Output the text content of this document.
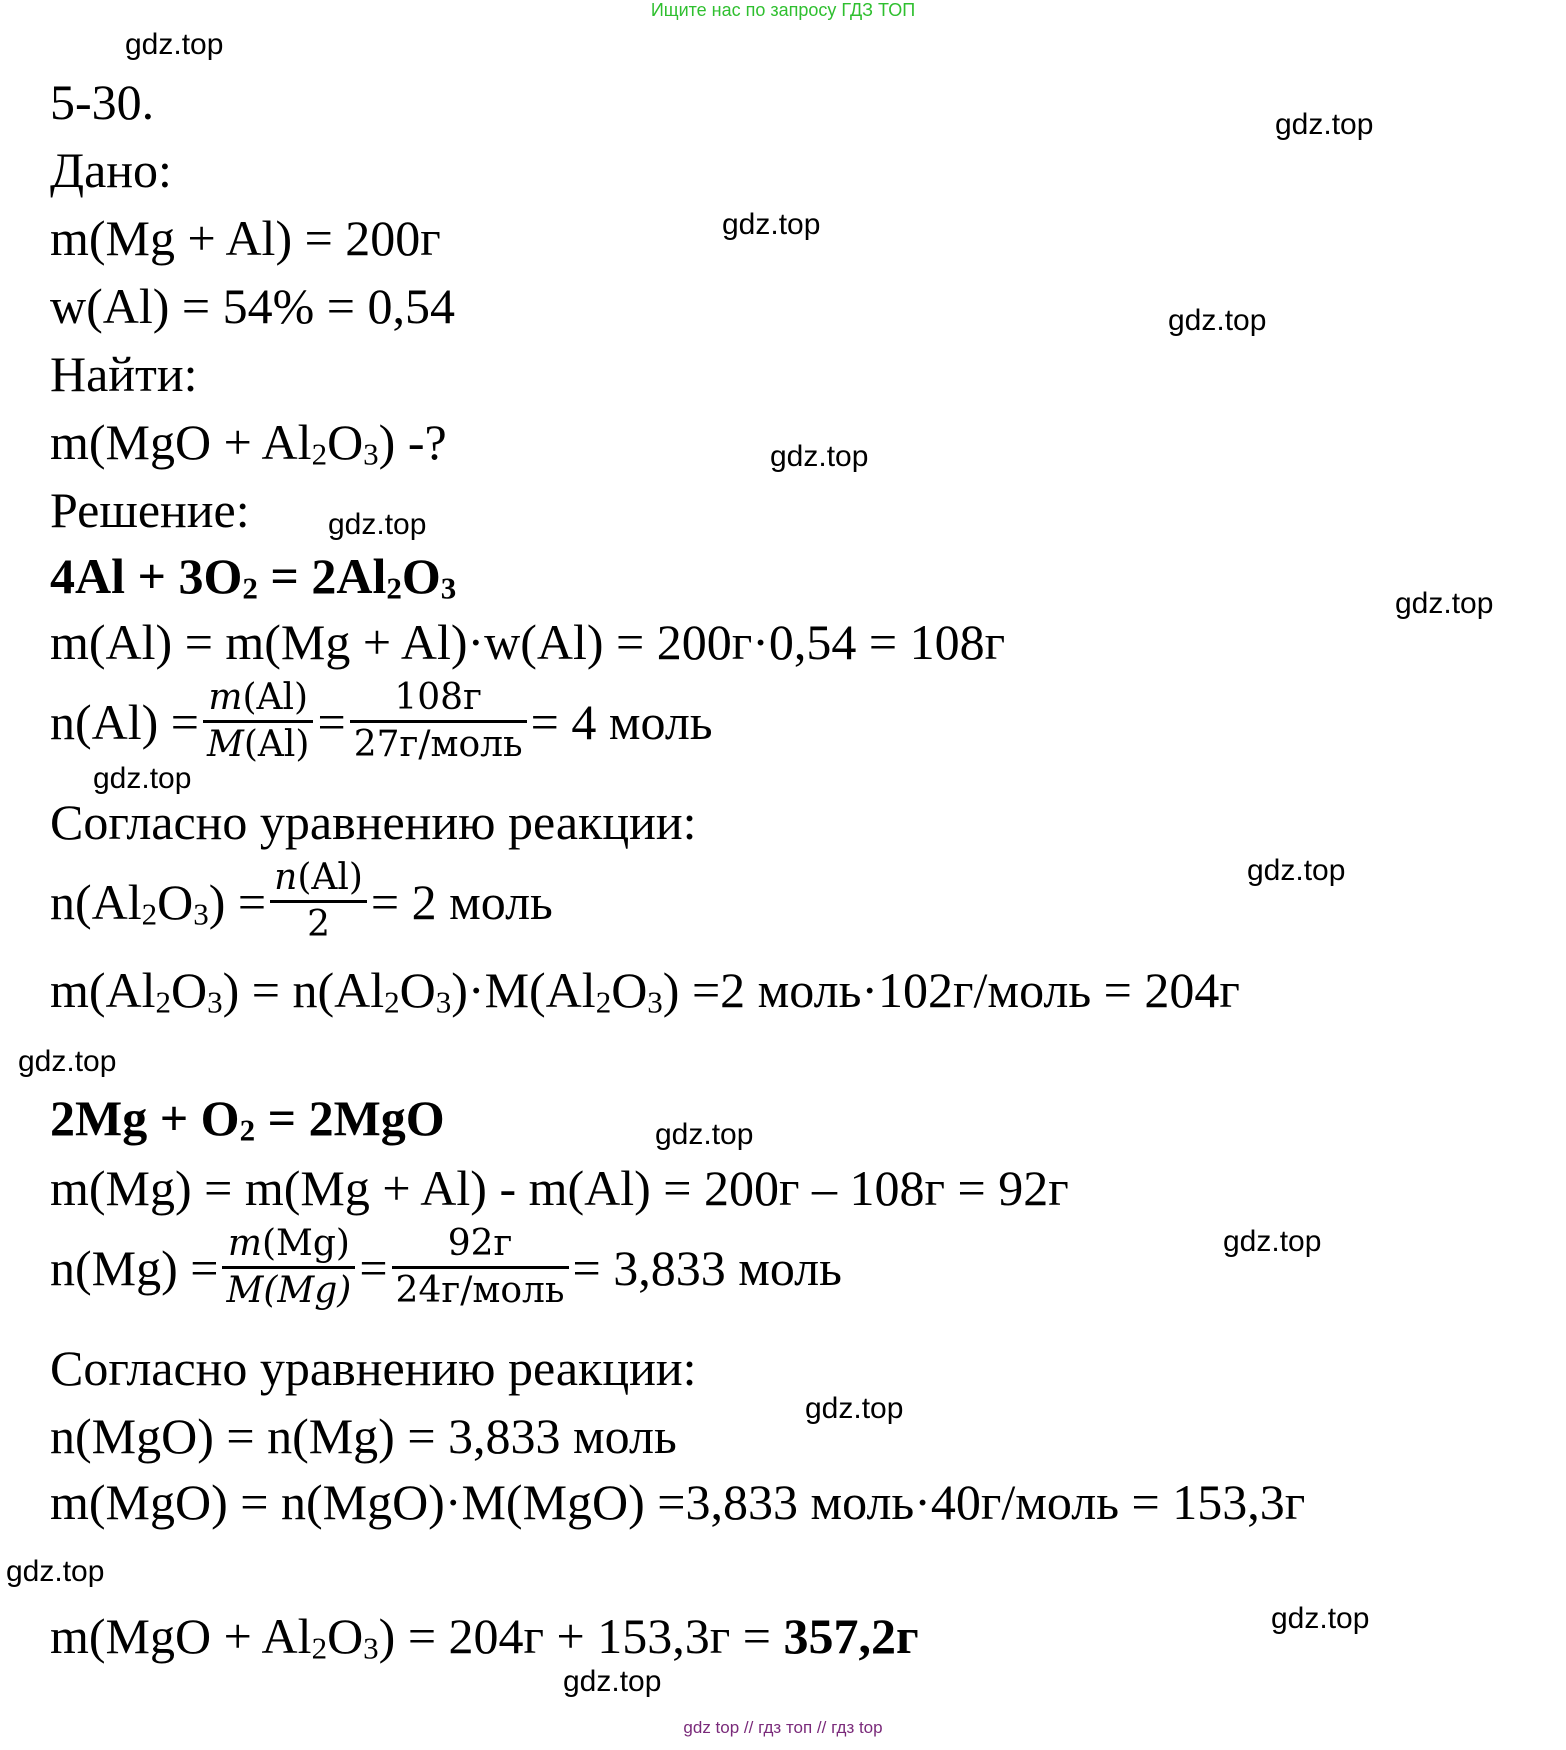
Ищите нас по запросу ГДЗ ТОП
gdz.top
gdz.top
gdz.top
gdz.top
gdz.top
gdz.top
gdz.top
gdz.top
gdz.top
gdz.top
gdz.top
gdz.top
gdz.top
gdz.top
gdz.top
gdz.top
5-30.
Дано:
m(Mg + Al) = 200г
w(Al) = 54% = 0,54
Найти:
$m(MgO + Al_2O_3)$ -?
Решение:
$4Al + 3O_2 = 2Al_2O_3$
m(Al) = m(Mg + Al)·w(Al) = 200г·0,54 = 108г
$n(Al) = \frac{m(Al)}{M(Al)} = \frac{108г}{\text{27г/моль}} = 4$ моль
Согласно уравнению реакции:
$n(Al_2O_3) = \frac{n(Al)}{2} = 2$ моль
$m(Al_2O_3) = n(Al_2O_3)\cdot M(Al_2O_3) =2$ моль·102г/моль = 204г
$2Mg + O_2 = 2MgO$
m(Mg) = m(Mg + Al) - m(Al) = 200г – 108г = 92г
$n(Mg) = \frac{m(Mg)}{M(Mg)} = \frac{92г}{\text{24г/моль}} = 3,833$ моль
Согласно уравнению реакции:
n(MgO) = n(Mg) = 3,833 моль
m(MgO) = n(MgO)·M(MgO) =3,833 моль·40г/моль = 153,3г
$m(MgO + Al_2O_3) = 204г + 153,3г = 357,2г$
gdz top // гдз топ // гдз top
